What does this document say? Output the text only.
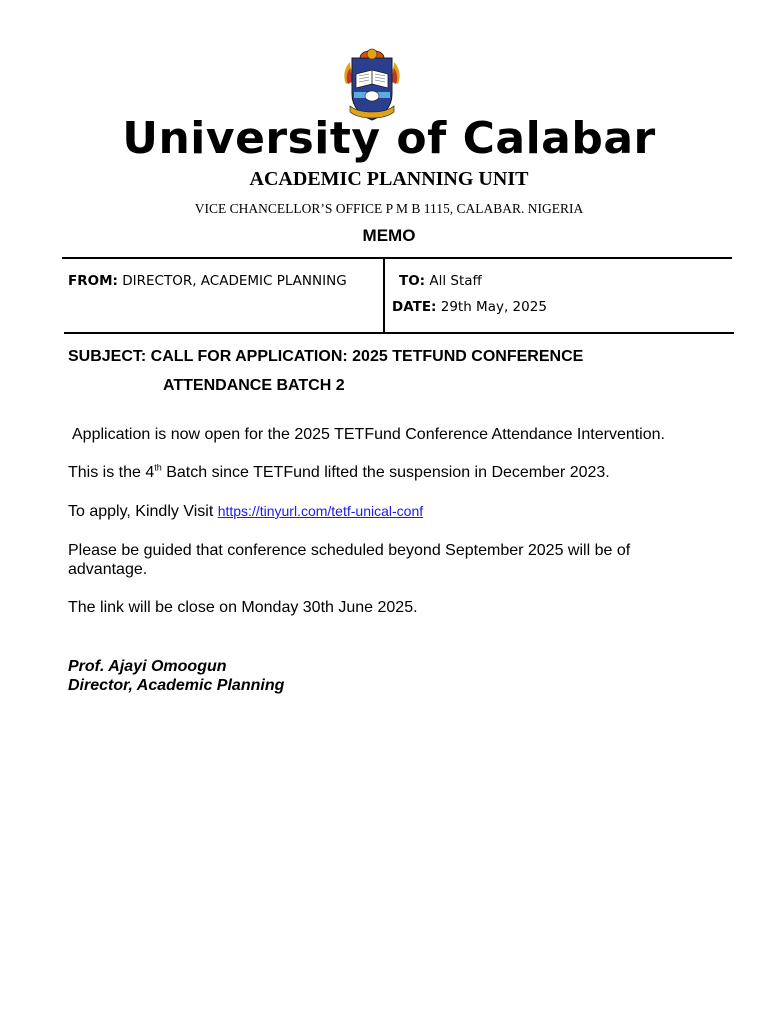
University of Calabar
ACADEMIC PLANNING UNIT
VICE CHANCELLOR’S OFFICE P M B 1115, CALABAR. NIGERIA
MEMO
FROM: DIRECTOR, ACADEMIC PLANNING	TO: All Staff
DATE: 29th May, 2025
SUBJECT: CALL FOR APPLICATION: 2025 TETFUND CONFERENCE
ATTENDANCE BATCH 2
Application is now open for the 2025 TETFund Conference Attendance Intervention.
This is the 4th Batch since TETFund lifted the suspension in December 2023.
To apply, Kindly Visit https://tinyurl.com/tetf-unical-conf
Please be guided that conference scheduled beyond September 2025 will be of advantage.
The link will be close on Monday 30th June 2025.
Prof. Ajayi Omoogun
Director, Academic Planning
